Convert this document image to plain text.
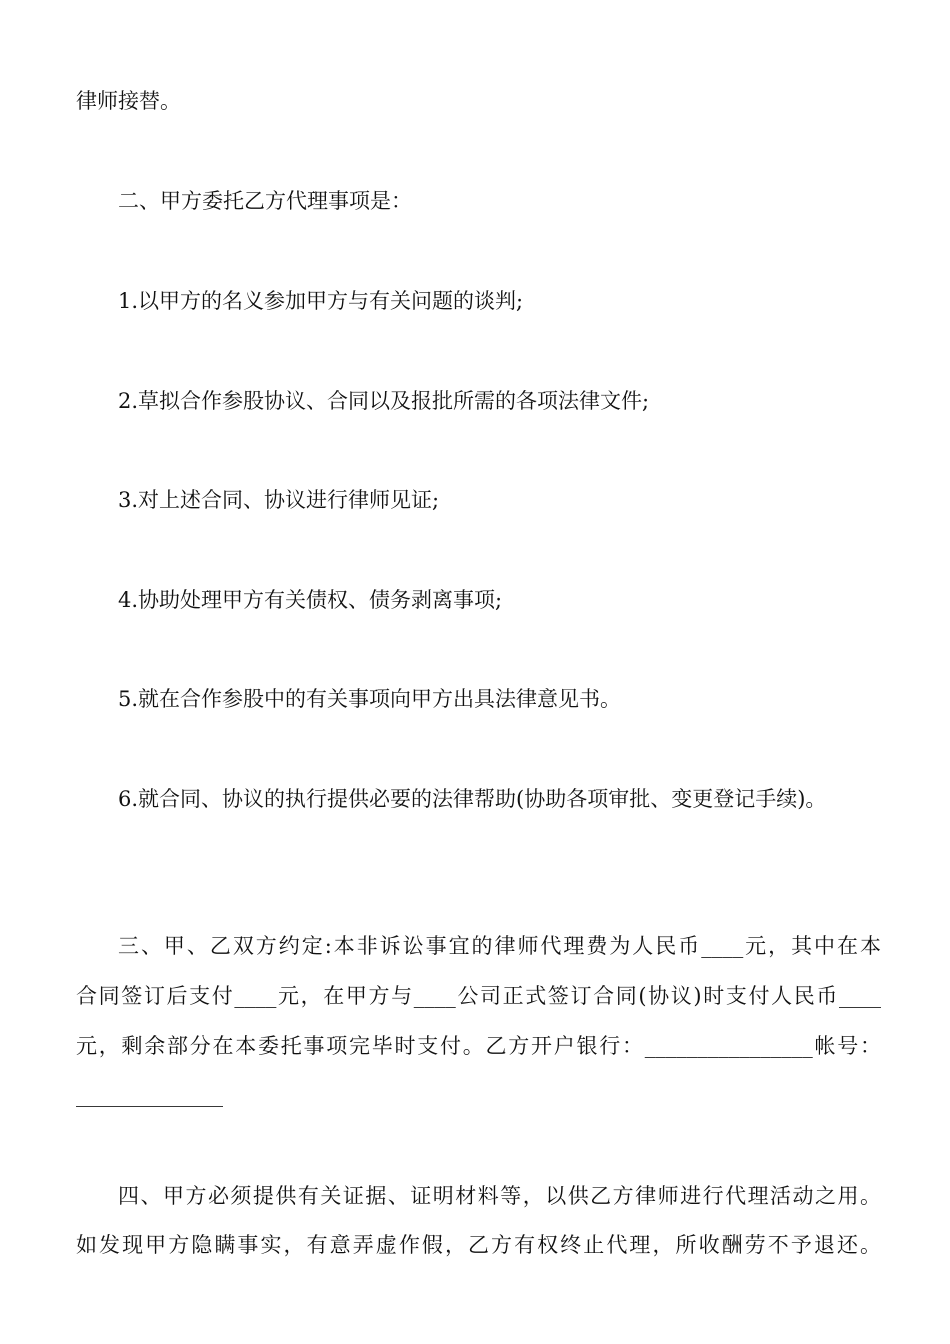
律师接替。
二、甲方委托乙方代理事项是：
1.以甲方的名义参加甲方与有关问题的谈判;
2.草拟合作参股协议、合同以及报批所需的各项法律文件;
3.对上述合同、协议进行律师见证;
4.协助处理甲方有关债权、债务剥离事项;
5.就在合作参股中的有关事项向甲方出具法律意见书。
6.就合同、协议的执行提供必要的法律帮助(协助各项审批、变更登记手续)。
三、甲、乙双方约定:本非诉讼事宜的律师代理费为人民币____元，其中在本
合同签订后支付____元，在甲方与____公司正式签订合同(协议)时支付人民币____
元，剩余部分在本委托事项完毕时支付。乙方开户银行：________________帐号：
______________
四、甲方必须提供有关证据、证明材料等，以供乙方律师进行代理活动之用。
如发现甲方隐瞒事实，有意弄虚作假，乙方有权终止代理，所收酬劳不予退还。
